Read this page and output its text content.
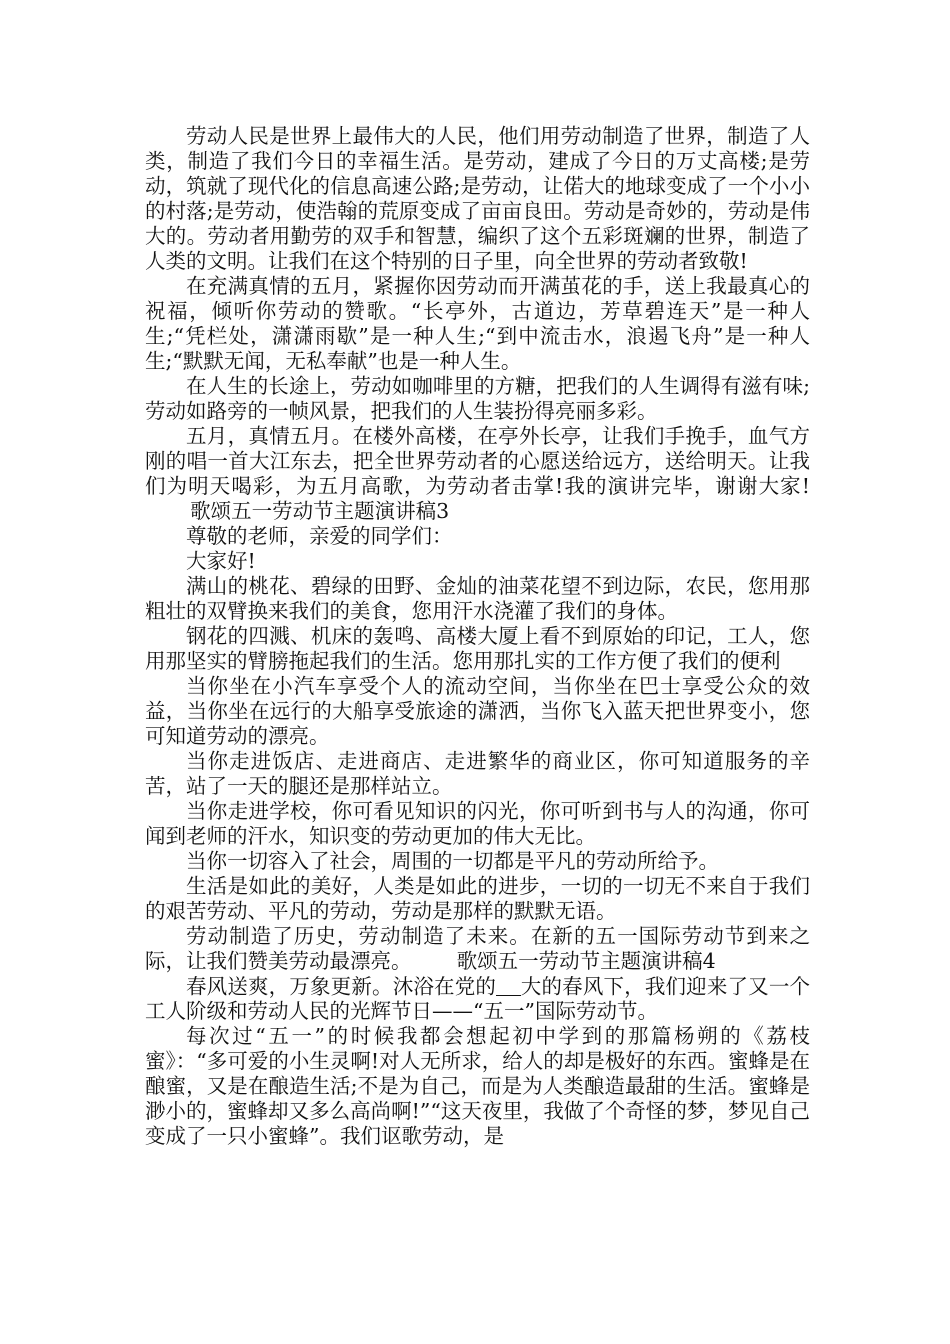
劳动人民是世界上最伟大的人民，他们用劳动制造了世界，制造了人类，制造了我们今日的幸福生活。是劳动，建成了今日的万丈高楼;是劳动，筑就了现代化的信息高速公路;是劳动，让偌大的地球变成了一个小小的村落;是劳动，使浩翰的荒原变成了亩亩良田。劳动是奇妙的，劳动是伟大的。劳动者用勤劳的双手和智慧，编织了这个五彩斑斓的世界，制造了人类的文明。让我们在这个特别的日子里，向全世界的劳动者致敬!

在充满真情的五月，紧握你因劳动而开满茧花的手，送上我最真心的祝福，倾听你劳动的赞歌。“长亭外，古道边，芳草碧连天”是一种人生;“凭栏处，潇潇雨歇”是一种人生;“到中流击水，浪遏飞舟”是一种人生;“默默无闻，无私奉献”也是一种人生。

在人生的长途上，劳动如咖啡里的方糖，把我们的人生调得有滋有味;劳动如路旁的一帧风景，把我们的人生装扮得亮丽多彩。

五月，真情五月。在楼外高楼，在亭外长亭，让我们手挽手，血气方刚的唱一首大江东去，把全世界劳动者的心愿送给远方，送给明天。让我们为明天喝彩，为五月高歌，为劳动者击掌!我的演讲完毕，谢谢大家!歌颂五一劳动节主题演讲稿3

尊敬的老师，亲爱的同学们：

大家好!

满山的桃花、碧绿的田野、金灿的油菜花望不到边际，农民，您用那粗壮的双臂换来我们的美食，您用汗水浇灌了我们的身体。

钢花的四溅、机床的轰鸣、高楼大厦上看不到原始的印记，工人，您用那坚实的臂膀拖起我们的生活。您用那扎实的工作方便了我们的便利

当你坐在小汽车享受个人的流动空间，当你坐在巴士享受公众的效益，当你坐在远行的大船享受旅途的潇洒，当你飞入蓝天把世界变小，您可知道劳动的漂亮。

当你走进饭店、走进商店、走进繁华的商业区，你可知道服务的辛苦，站了一天的腿还是那样站立。

当你走进学校，你可看见知识的闪光，你可听到书与人的沟通，你可闻到老师的汗水，知识变的劳动更加的伟大无比。

当你一切容入了社会，周围的一切都是平凡的劳动所给予。

生活是如此的美好，人类是如此的进步，一切的一切无不来自于我们的艰苦劳动、平凡的劳动，劳动是那样的默默无语。

劳动制造了历史，劳动制造了未来。在新的五一国际劳动节到来之际，让我们赞美劳动最漂亮。 歌颂五一劳动节主题演讲稿4

春风送爽，万象更新。沐浴在党的 大的春风下，我们迎来了又一个工人阶级和劳动人民的光辉节日——“五一”国际劳动节。

每次过“五一”的时候我都会想起初中学到的那篇杨朔的《荔枝蜜》：“多可爱的小生灵啊!对人无所求，给人的却是极好的东西。蜜蜂是在酿蜜，又是在酿造生活;不是为自己，而是为人类酿造最甜的生活。蜜蜂是渺小的，蜜蜂却又多么高尚啊!”“这天夜里，我做了个奇怪的梦，梦见自己变成了一只小蜜蜂”。我们讴歌劳动，是
